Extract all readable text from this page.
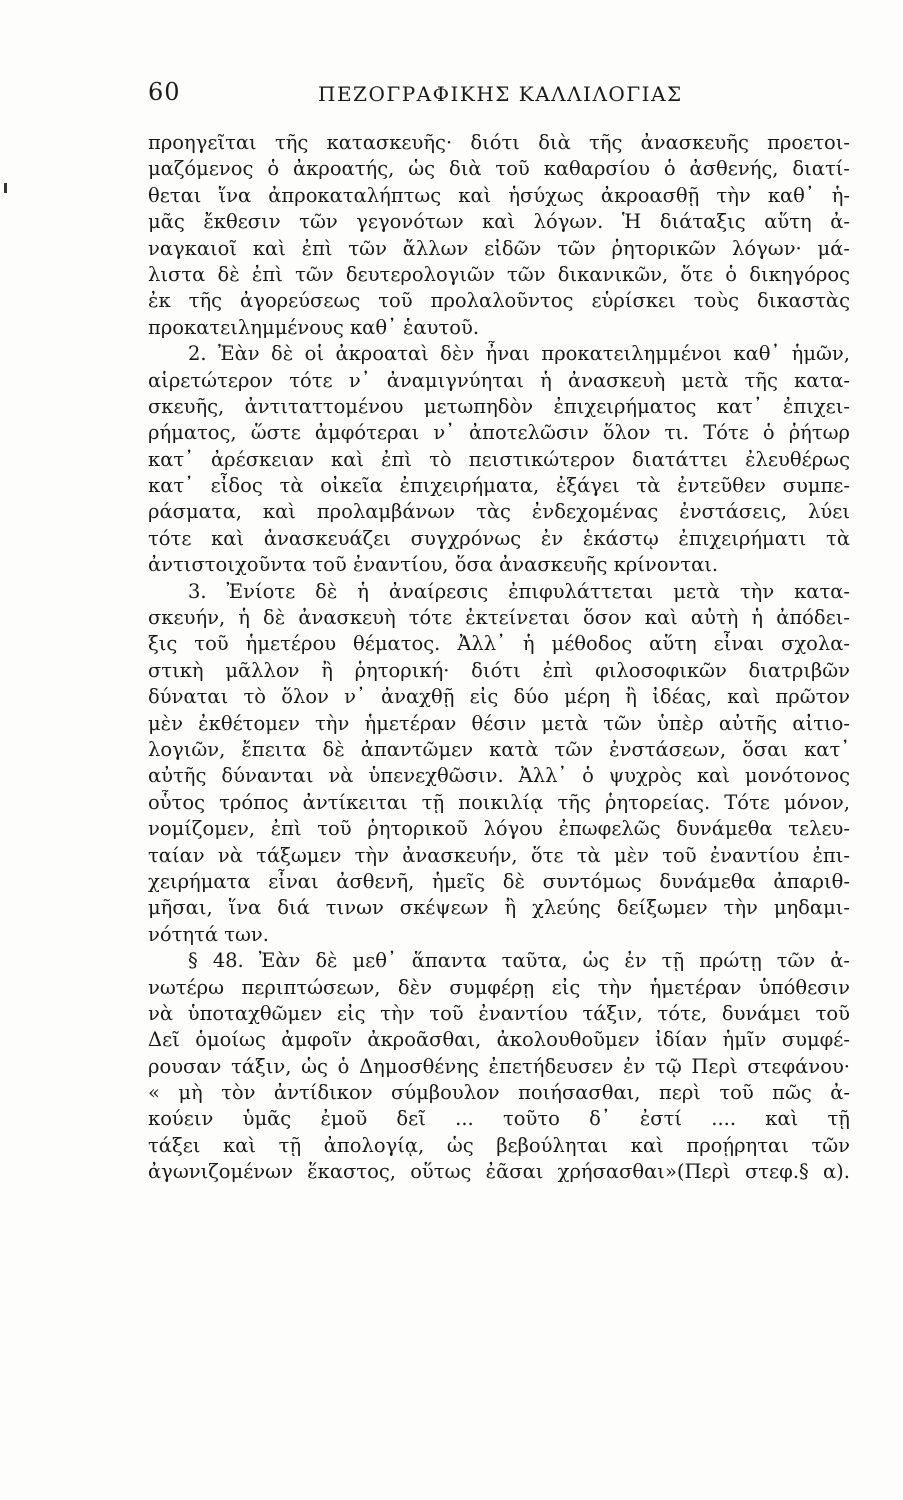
60	ΠΕΖΟΓΡΑΦΙΚΗΣ ΚΑΛΛΙΛΟΓΙΑΣ
προηγεῖται τῆς κατασκευῆς· διότι διὰ τῆς ἀνασκευῆς προετοι-
μαζόμενος ὁ ἀκροατής, ὡς διὰ τοῦ καθαρσίου ὁ ἀσθενής, διατί-
θεται ἵνα ἀπροκαταλήπτως καὶ ἡσύχως ἀκροασθῇ τὴν καθ᾽ ἡ-
μᾶς ἔκθεσιν τῶν γεγονότων καὶ λόγων. Ἡ διάταξις αὕτη ἀ-
ναγκαιοῖ καὶ ἐπὶ τῶν ἄλλων εἰδῶν τῶν ῥητορικῶν λόγων· μά-
λιστα δὲ ἐπὶ τῶν δευτερολογιῶν τῶν δικανικῶν, ὅτε ὁ δικηγόρος
ἐκ τῆς ἀγορεύσεως τοῦ προλαλοῦντος εὑρίσκει τοὺς δικαστὰς
προκατειλημμένους καθ᾽ ἑαυτοῦ.
2. Ἐὰν δὲ οἱ ἀκροαταὶ δὲν ἦναι προκατειλημμένοι καθ᾽ ἡμῶν,
αἱρετώτερον τότε ν᾽ ἀναμιγνύηται ἡ ἀνασκευὴ μετὰ τῆς κατα-
σκευῆς, ἀντιταττομένου μετωπηδὸν ἐπιχειρήματος κατ᾽ ἐπιχει-
ρήματος, ὥστε ἀμφότεραι ν᾽ ἀποτελῶσιν ὅλον τι. Τότε ὁ ῥήτωρ
κατ᾽ ἀρέσκειαν καὶ ἐπὶ τὸ πειστικώτερον διατάττει ἐλευθέρως
κατ᾽ εἶδος τὰ οἰκεῖα ἐπιχειρήματα, ἐξάγει τὰ ἐντεῦθεν συμπε-
ράσματα, καὶ προλαμβάνων τὰς ἐνδεχομένας ἐνστάσεις, λύει
τότε καὶ ἀνασκευάζει συγχρόνως ἐν ἑκάστῳ ἐπιχειρήματι τὰ
ἀντιστοιχοῦντα τοῦ ἐναντίου, ὅσα ἀνασκευῆς κρίνονται.
3. Ἐνίοτε δὲ ἡ ἀναίρεσις ἐπιφυλάττεται μετὰ τὴν κατα-
σκευήν, ἡ δὲ ἀνασκευὴ τότε ἐκτείνεται ὅσον καὶ αὐτὴ ἡ ἀπόδει-
ξις τοῦ ἡμετέρου θέματος. Ἀλλ᾽ ἡ μέθοδος αὕτη εἶναι σχολα-
στικὴ μᾶλλον ἢ ῥητορική· διότι ἐπὶ φιλοσοφικῶν διατριβῶν
δύναται τὸ ὅλον ν᾽ ἀναχθῇ εἰς δύο μέρη ἢ ἰδέας, καὶ πρῶτον
μὲν ἐκθέτομεν τὴν ἡμετέραν θέσιν μετὰ τῶν ὑπὲρ αὐτῆς αἰτιο-
λογιῶν, ἔπειτα δὲ ἀπαντῶμεν κατὰ τῶν ἐνστάσεων, ὅσαι κατ᾽
αὐτῆς δύνανται νὰ ὑπενεχθῶσιν. Ἀλλ᾽ ὁ ψυχρὸς καὶ μονότονος
οὗτος τρόπος ἀντίκειται τῇ ποικιλίᾳ τῆς ῥητορείας. Τότε μόνον,
νομίζομεν, ἐπὶ τοῦ ῥητορικοῦ λόγου ἐπωφελῶς δυνάμεθα τελευ-
ταίαν νὰ τάξωμεν τὴν ἀνασκευήν, ὅτε τὰ μὲν τοῦ ἐναντίου ἐπι-
χειρήματα εἶναι ἀσθενῆ, ἡμεῖς δὲ συντόμως δυνάμεθα ἀπαριθ-
μῆσαι, ἵνα διά τινων σκέψεων ἢ χλεύης δείξωμεν τὴν μηδαμι-
νότητά των.
§ 48. Ἐὰν δὲ μεθ᾽ ἅπαντα ταῦτα, ὡς ἐν τῇ πρώτῃ τῶν ἀ-
νωτέρω περιπτώσεων, δὲν συμφέρῃ εἰς τὴν ἡμετέραν ὑπόθεσιν
νὰ ὑποταχθῶμεν εἰς τὴν τοῦ ἐναντίου τάξιν, τότε, δυνάμει τοῦ
Δεῖ ὁμοίως ἀμφοῖν ἀκροᾶσθαι, ἀκολουθοῦμεν ἰδίαν ἡμῖν συμφέ-
ρουσαν τάξιν, ὡς ὁ Δημοσθένης ἐπετήδευσεν ἐν τῷ Περὶ στεφάνου·
« μὴ τὸν ἀντίδικον σύμβουλον ποιήσασθαι, περὶ τοῦ πῶς ἀ-
κούειν ὑμᾶς ἐμοῦ δεῖ ... τοῦτο δ᾽ ἐστί .... καὶ τῇ
τάξει καὶ τῇ ἀπολογίᾳ, ὡς βεβούληται καὶ προῄρηται τῶν
ἀγωνιζομένων ἕκαστος, οὕτως ἐᾶσαι χρήσασθαι»(Περὶ στεφ.§ α).
